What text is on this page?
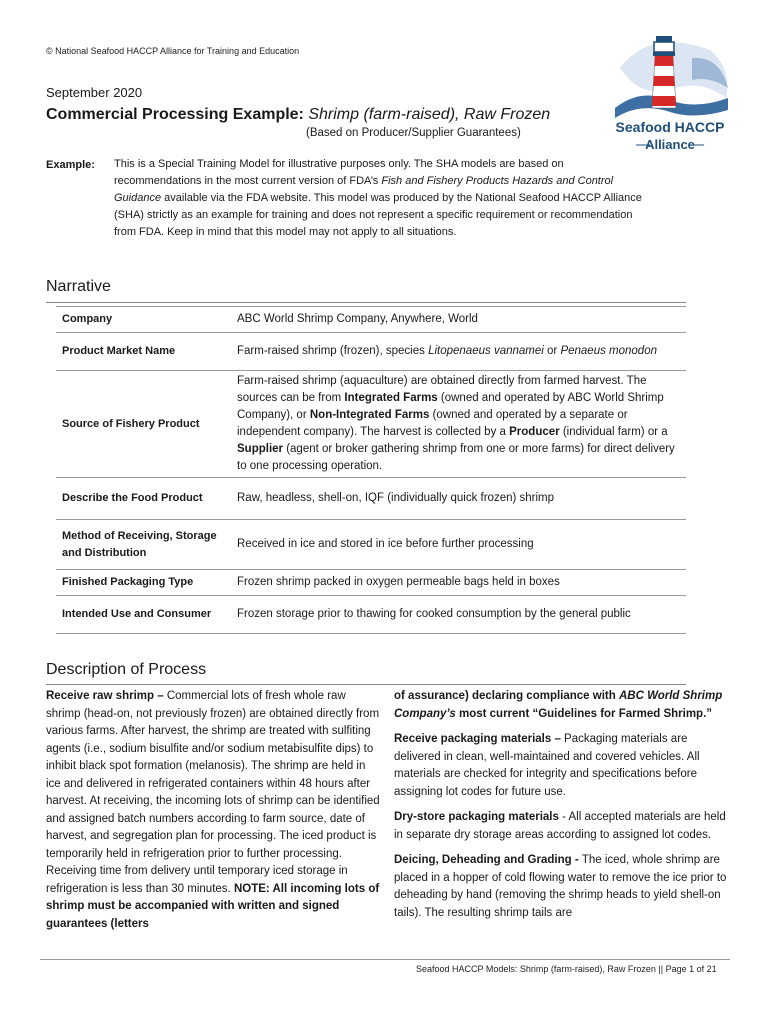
© National Seafood HACCP Alliance for Training and Education
September 2020
Commercial Processing Example: Shrimp (farm-raised), Raw Frozen
(Based on Producer/Supplier Guarantees)	Seafood HACCP
Alliance
Example: This is a Special Training Model for illustrative purposes only. The SHA models are based on recommendations in the most current version of FDA’s Fish and Fishery Products Hazards and Control Guidance available via the FDA website. This model was produced by the National Seafood HACCP Alliance (SHA) strictly as an example for training and does not represent a specific requirement or recommendation from FDA. Keep in mind that this model may not apply to all situations.
Narrative
Company	ABC World Shrimp Company, Anywhere, World
Product Market Name	Farm-raised shrimp (frozen), species Litopenaeus vannamei or Penaeus monodon
Source of Fishery Product	Farm-raised shrimp (aquaculture) are obtained directly from farmed harvest. The sources can be from Integrated Farms (owned and operated by ABC World Shrimp Company), or Non-Integrated Farms (owned and operated by a separate or independent company). The harvest is collected by a Producer (individual farm) or a Supplier (agent or broker gathering shrimp from one or more farms) for direct delivery to one processing operation.
Describe the Food Product	Raw, headless, shell-on, IQF (individually quick frozen) shrimp
Method of Receiving, Storage and Distribution	Received in ice and stored in ice before further processing
Finished Packaging Type	Frozen shrimp packed in oxygen permeable bags held in boxes
Intended Use and Consumer	Frozen storage prior to thawing for cooked consumption by the general public
Description of Process

Receive raw shrimp – Commercial lots of fresh whole raw shrimp (head-on, not previously frozen) are obtained directly from various farms. After harvest, the shrimp are treated with sulfiting agents (i.e., sodium bisulfite and/or sodium metabisulfite dips) to inhibit black spot formation (melanosis). The shrimp are held in ice and delivered in refrigerated containers within 48 hours after harvest. At receiving, the incoming lots of shrimp can be identified and assigned batch numbers according to farm source, date of harvest, and segregation plan for processing. The iced product is temporarily held in refrigeration prior to further processing. Receiving time from delivery until temporary iced storage in refrigeration is less than 30 minutes. NOTE: All incoming lots of shrimp must be accompanied with written and signed guarantees (letters

of assurance) declaring compliance with ABC World Shrimp Company’s most current “Guidelines for Farmed Shrimp.”

Receive packaging materials – Packaging materials are delivered in clean, well-maintained and covered vehicles. All materials are checked for integrity and specifications before assigning lot codes for future use.

Dry-store packaging materials - All accepted materials are held in separate dry storage areas according to assigned lot codes.

Deicing, Deheading and Grading - The iced, whole shrimp are placed in a hopper of cold flowing water to remove the ice prior to deheading by hand (removing the shrimp heads to yield shell-on tails). The resulting shrimp tails are

Seafood HACCP Models: Shrimp (farm-raised), Raw Frozen || Page 1 of 21
